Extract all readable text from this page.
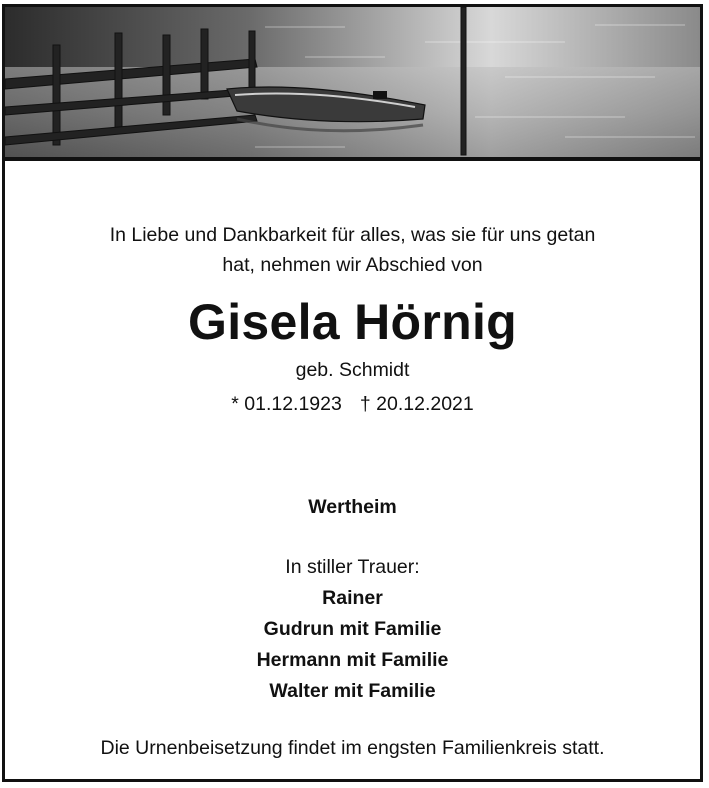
In Liebe und Dankbarkeit für alles, was sie für uns getan
hat, nehmen wir Abschied von
Gisela Hörnig
geb. Schmidt
* 01.12.1923 † 20.12.2021
Wertheim
In stiller Trauer:
Rainer
Gudrun mit Familie
Hermann mit Familie
Walter mit Familie
Die Urnenbeisetzung findet im engsten Familienkreis statt.
